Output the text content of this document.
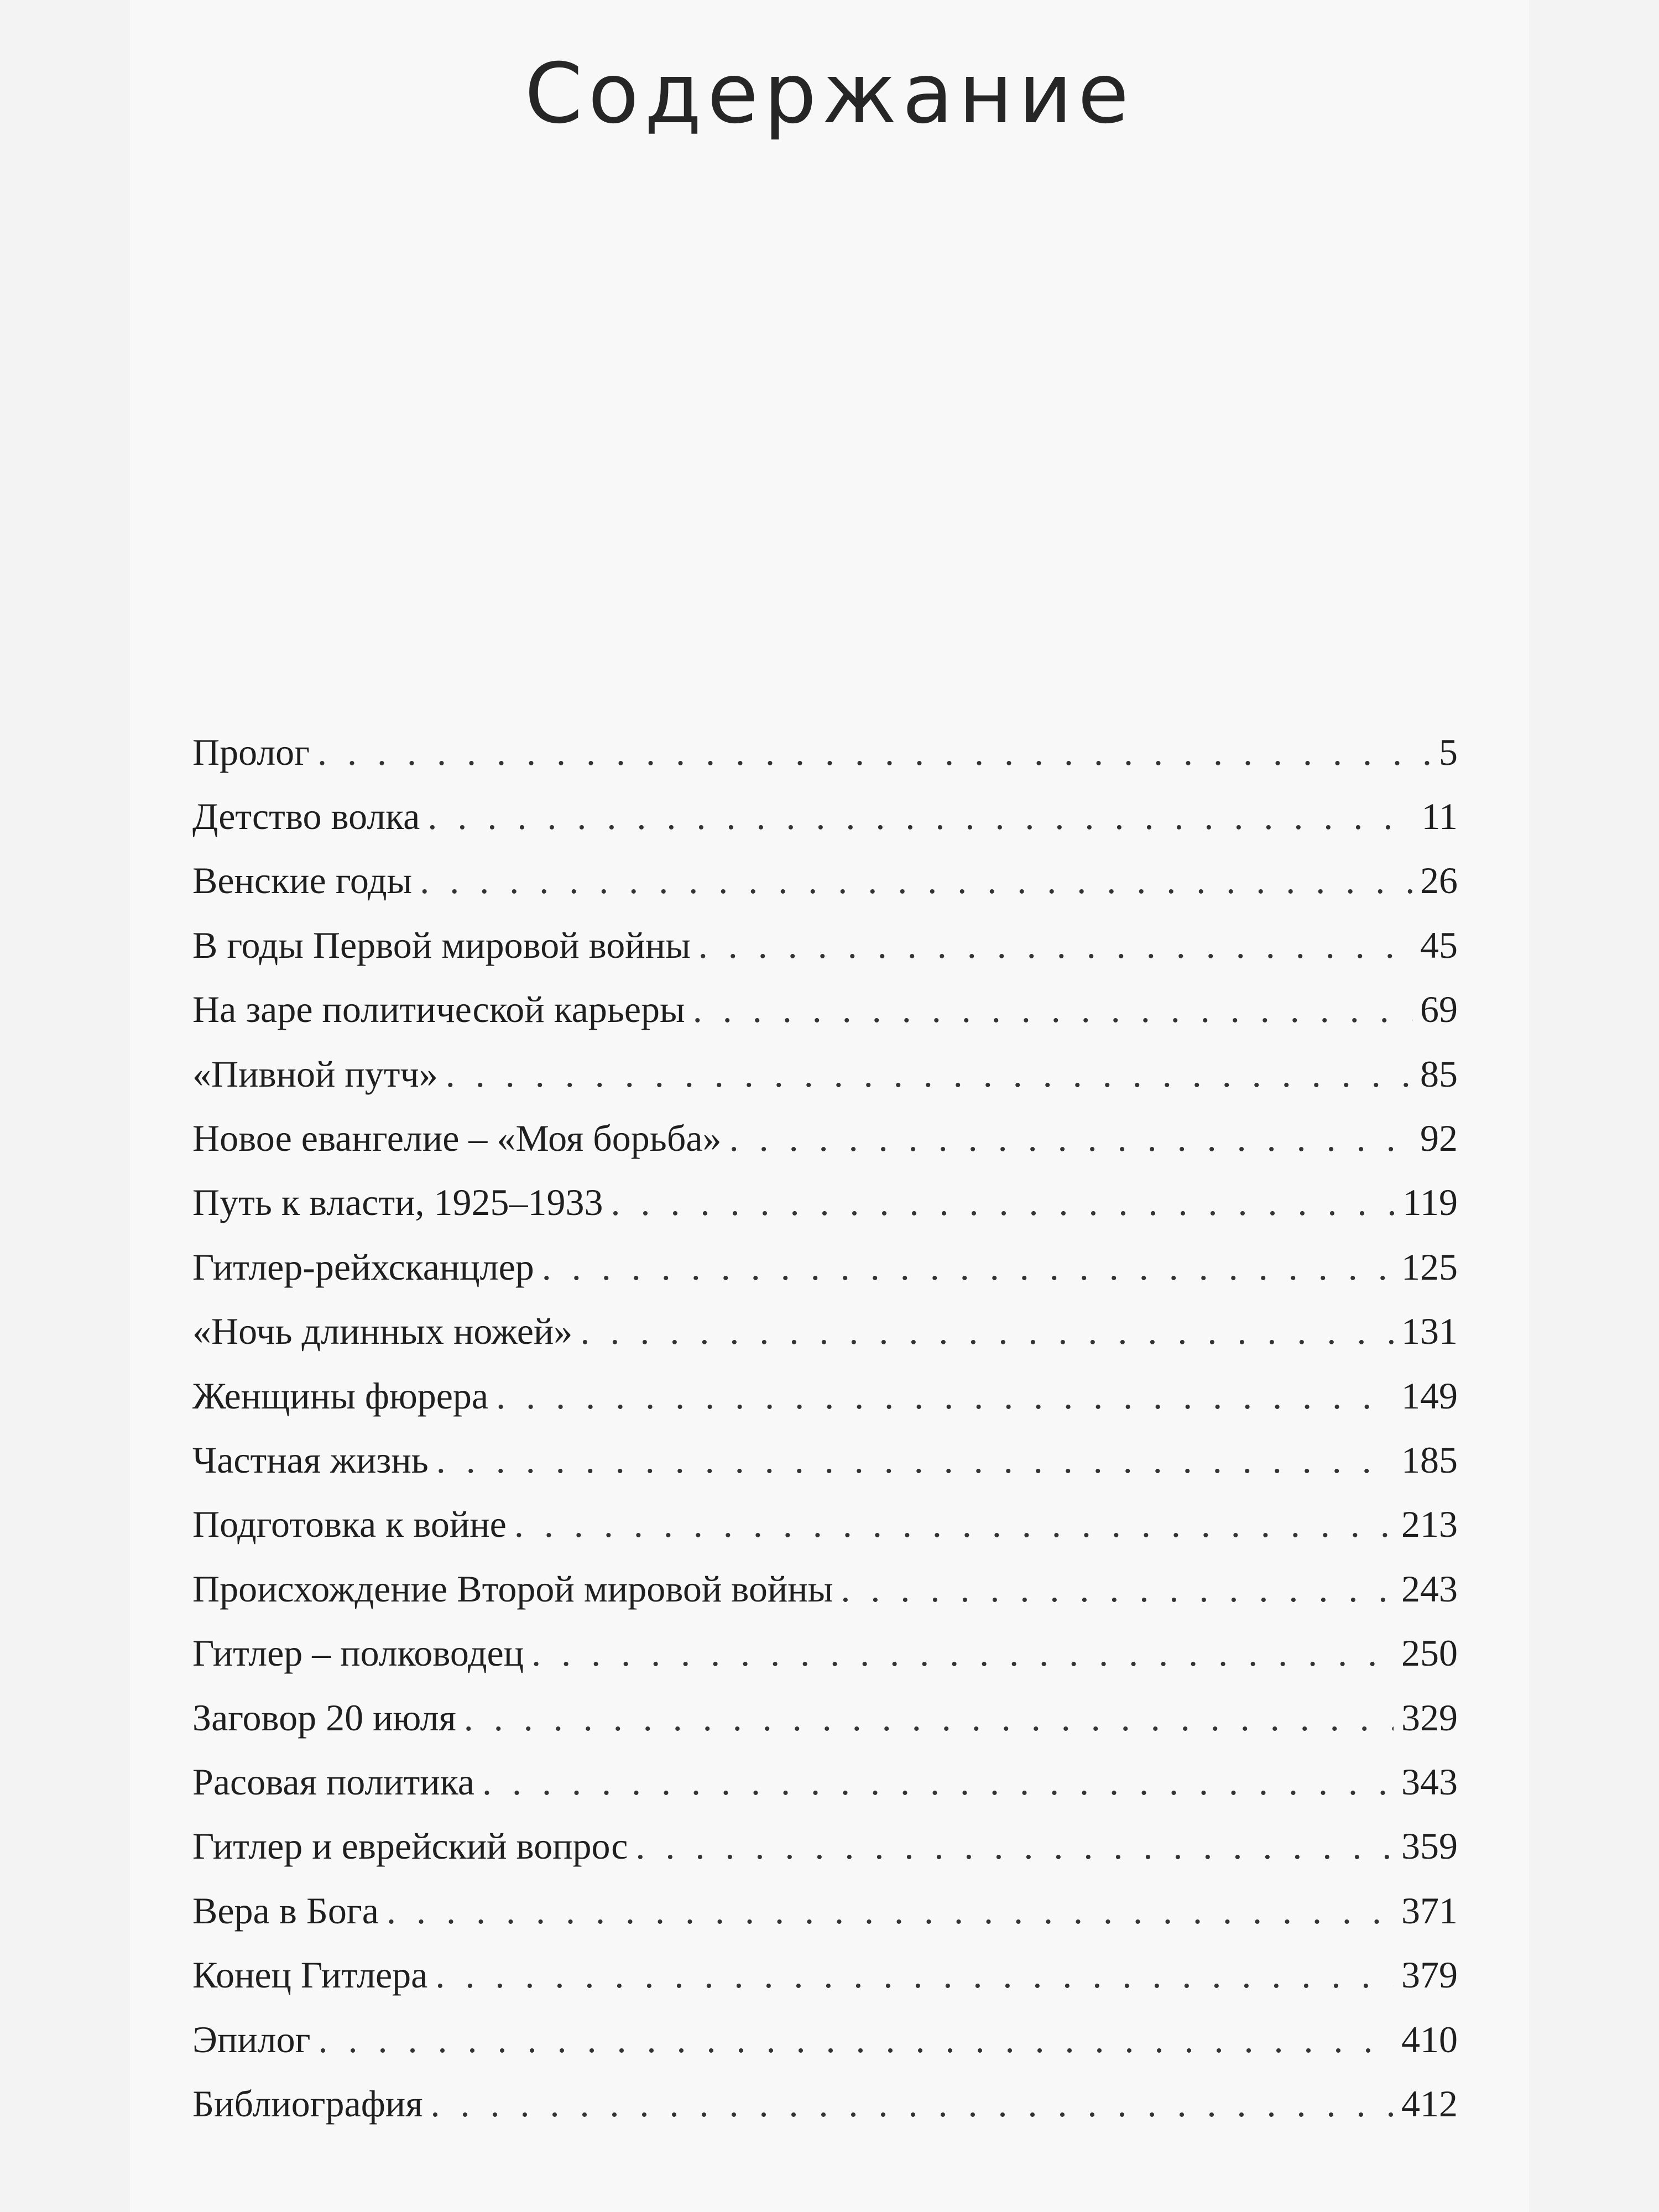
Содержание
Пролог . . .	5
Детство волка . . .	11
Венские годы . . .	26
В годы Первой мировой войны . . .	45
На заре политической карьеры . . .	69
«Пивной путч» . . .	85
Новое евангелие – «Моя борьба» . . .	92
Путь к власти, 1925–1933 . . .	119
Гитлер-рейхсканцлер . . .	125
«Ночь длинных ножей» . . .	131
Женщины фюрера . . .	149
Частная жизнь . . .	185
Подготовка к войне . . .	213
Происхождение Второй мировой войны . . .	243
Гитлер – полководец . . .	250
Заговор 20 июля . . .	329
Расовая политика . . .	343
Гитлер и еврейский вопрос . . .	359
Вера в Бога . . .	371
Конец Гитлера . . .	379
Эпилог . . .	410
Библиография . . .	412
